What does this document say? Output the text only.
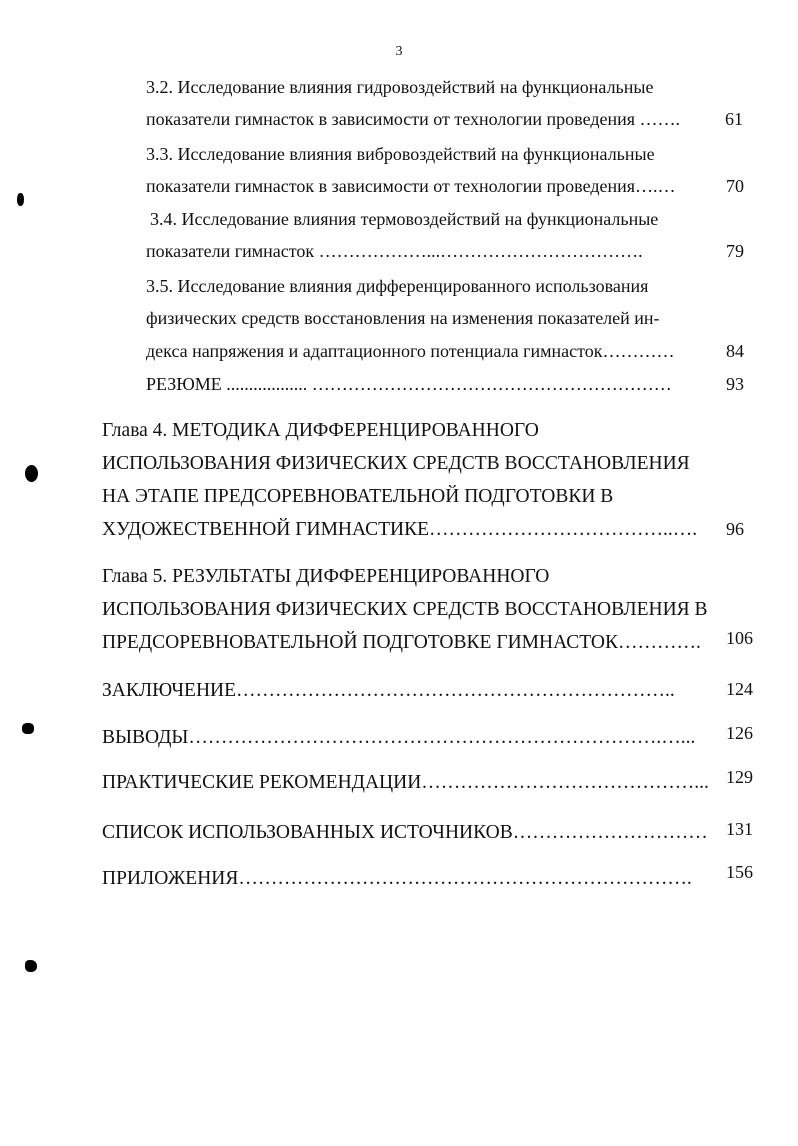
3
3.2. Исследование влияния гидровоздействий на функциональные
показатели гимнасток в зависимости от технологии проведения ……. 61
3.3. Исследование влияния вибровоздействий на функциональные
показатели гимнасток в зависимости от технологии проведения….…	70
3.4. Исследование влияния термовоздействий на функциональные
показатели гимнасток ………………...…………………………….	79
3.5. Исследование влияния дифференцированного использования
физических средств восстановления на изменения показателей ин-
декса напряжения и адаптационного потенциала гимнасток…………	84
РЕЗЮМЕ .................. ……………………………………………………	93
Глава 4. МЕТОДИКА ДИФФЕРЕНЦИРОВАННОГО
ИСПОЛЬЗОВАНИЯ ФИЗИЧЕСКИХ СРЕДСТВ ВОССТАНОВЛЕНИЯ
НА ЭТАПЕ ПРЕДСОРЕВНОВАТЕЛЬНОЙ ПОДГОТОВКИ В
ХУДОЖЕСТВЕННОЙ ГИМНАСТИКЕ………………………………..…. 96
Глава 5. РЕЗУЛЬТАТЫ ДИФФЕРЕНЦИРОВАННОГО
ИСПОЛЬЗОВАНИЯ ФИЗИЧЕСКИХ СРЕДСТВ ВОССТАНОВЛЕНИЯ В
ПРЕДСОРЕВНОВАТЕЛЬНОЙ ПОДГОТОВКЕ ГИМНАСТОК…………. 106
ЗАКЛЮЧЕНИЕ…………………………………………………………..	124
ВЫВОДЫ……………………………………………………………….…... 126
ПРАКТИЧЕСКИЕ РЕКОМЕНДАЦИИ……………………………………... 129
СПИСОК ИСПОЛЬЗОВАННЫХ ИСТОЧНИКОВ………………………… 131
ПРИЛОЖЕНИЯ……………………………………………………………. 156
